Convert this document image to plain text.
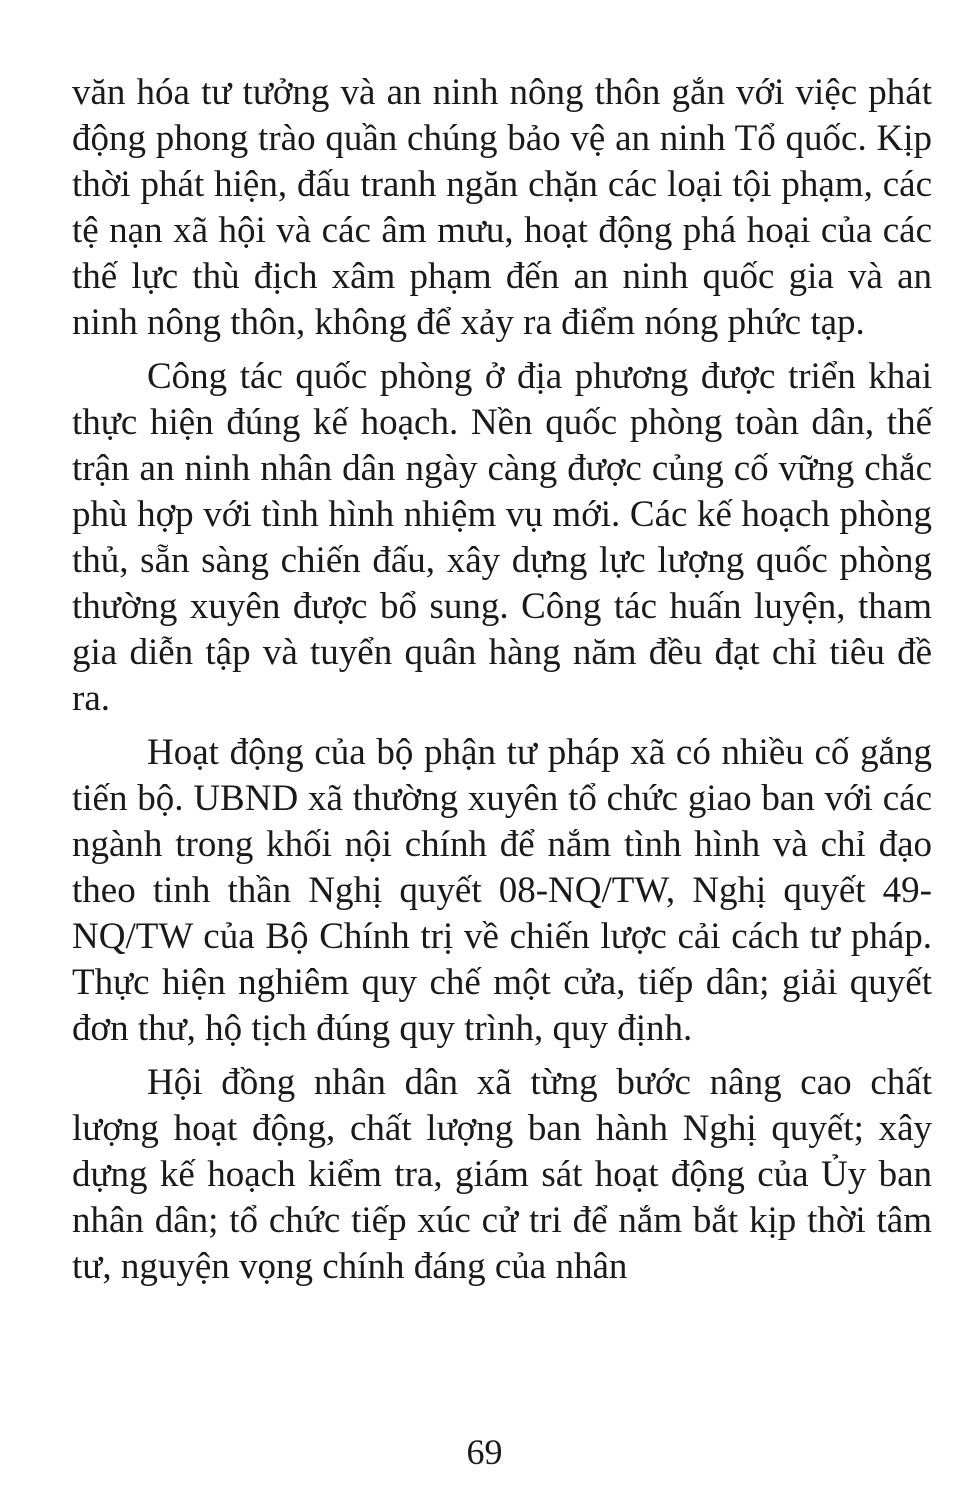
văn hóa tư tưởng và an ninh nông thôn gắn với việc phát động phong trào quần chúng bảo vệ an ninh Tổ quốc. Kịp thời phát hiện, đấu tranh ngăn chặn các loại tội phạm, các tệ nạn xã hội và các âm mưu, hoạt động phá hoại của các thế lực thù địch xâm phạm đến an ninh quốc gia và an ninh nông thôn, không để xảy ra điểm nóng phức tạp.

Công tác quốc phòng ở địa phương được triển khai thực hiện đúng kế hoạch. Nền quốc phòng toàn dân, thế trận an ninh nhân dân ngày càng được củng cố vững chắc phù hợp với tình hình nhiệm vụ mới. Các kế hoạch phòng thủ, sẵn sàng chiến đấu, xây dựng lực lượng quốc phòng thường xuyên được bổ sung. Công tác huấn luyện, tham gia diễn tập và tuyển quân hàng năm đều đạt chỉ tiêu đề ra.

Hoạt động của bộ phận tư pháp xã có nhiều cố gắng tiến bộ. UBND xã thường xuyên tổ chức giao ban với các ngành trong khối nội chính để nắm tình hình và chỉ đạo theo tinh thần Nghị quyết 08-NQ/TW, Nghị quyết 49-NQ/TW của Bộ Chính trị về chiến lược cải cách tư pháp. Thực hiện nghiêm quy chế một cửa, tiếp dân; giải quyết đơn thư, hộ tịch đúng quy trình, quy định.

Hội đồng nhân dân xã từng bước nâng cao chất lượng hoạt động, chất lượng ban hành Nghị quyết; xây dựng kế hoạch kiểm tra, giám sát hoạt động của Ủy ban nhân dân; tổ chức tiếp xúc cử tri để nắm bắt kịp thời tâm tư, nguyện vọng chính đáng của nhân

69
